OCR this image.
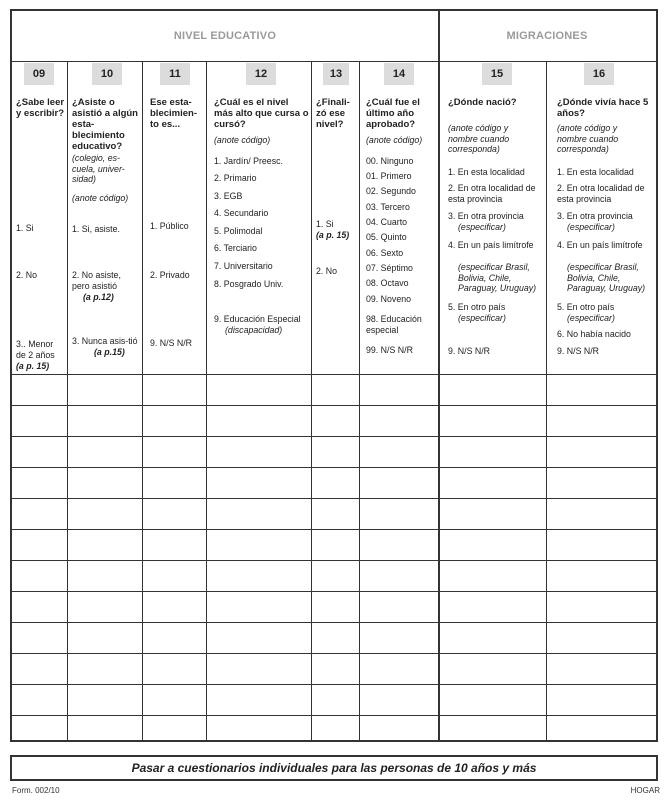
NIVEL EDUCATIVO	MIGRACIONES
09
¿Sabe leer y escribir?
1. Si
2. No
3.. Menor de 2 años
(a p. 15)
10
¿Asiste o asistió a algún esta-blecimiento educativo?
(colegio, es-cuela, univer-sidad)
(anote código)
1. Si, asiste.
2. No asiste, pero asistió
(a p.12)
3. Nunca asis-tió
(a p.15)
11
Ese esta-blecimien-to es...
1. Público
2. Privado
9. N/S N/R
12
¿Cuál es el nivel más alto que cursa o cursó?
(anote código)
1. Jardín/ Preesc.
2. Primario
3. EGB
4. Secundario
5. Polimodal
6. Terciario
7. Universitario
8. Posgrado Univ.
9. Educación Especial
(discapacidad)
13
¿Finali-zó ese nivel?
1. Si
(a p. 15)
2. No
14
¿Cuál fue el último año aprobado?
(anote código)
00. Ninguno
01. Primero
02. Segundo
03. Tercero
04. Cuarto
05. Quinto
06. Sexto
07. Séptimo
08. Octavo
09. Noveno
98. Educación especial
99. N/S N/R
15
¿Dónde nació?
(anote código y nombre cuando corresponda)
1. En esta localidad
2. En otra localidad de esta provincia
3. En otra provincia
(especificar)
4. En un país limítrofe
(especificar Brasil, Bolivia, Chile, Paraguay, Uruguay)
5. En otro país
(especificar)
9. N/S N/R
16
¿Dónde vivía hace 5 años?
(anote código y nombre cuando corresponda)
1. En esta localidad
2. En otra localidad de esta provincia
3. En otra provincia
(especificar)
4. En un país limítrofe
(especificar Brasil, Bolivia, Chile, Paraguay, Uruguay)
5. En otro país
(especificar)
6. No había nacido
9. N/S N/R
Pasar a cuestionarios individuales para las personas de 10 años y más
Form. 002/10	HOGAR
